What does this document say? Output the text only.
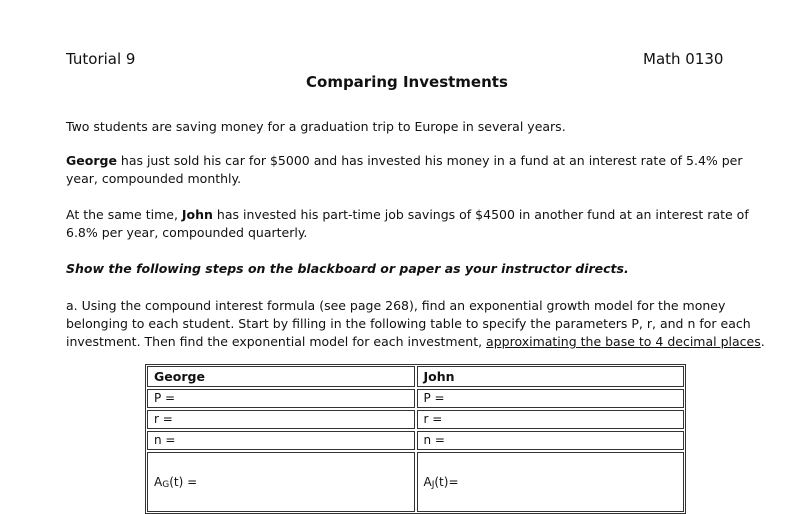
Tutorial 9	Math 0130
Comparing Investments
Two students are saving money for a graduation trip to Europe in several years.
George has just sold his car for $5000 and has invested his money in a fund at an interest rate of 5.4% per year, compounded monthly.
At the same time, John has invested his part-time job savings of $4500 in another fund at an interest rate of 6.8% per year, compounded quarterly.
Show the following steps on the blackboard or paper as your instructor directs.
a. Using the compound interest formula (see page 268), find an exponential growth model for the money belonging to each student. Start by filling in the following table to specify the parameters P, r, and n for each investment. Then find the exponential model for each investment, approximating the base to 4 decimal places.
George	John

P =	P =

r =	r =

n =	n =

AG(t) =	AJ(t)=
